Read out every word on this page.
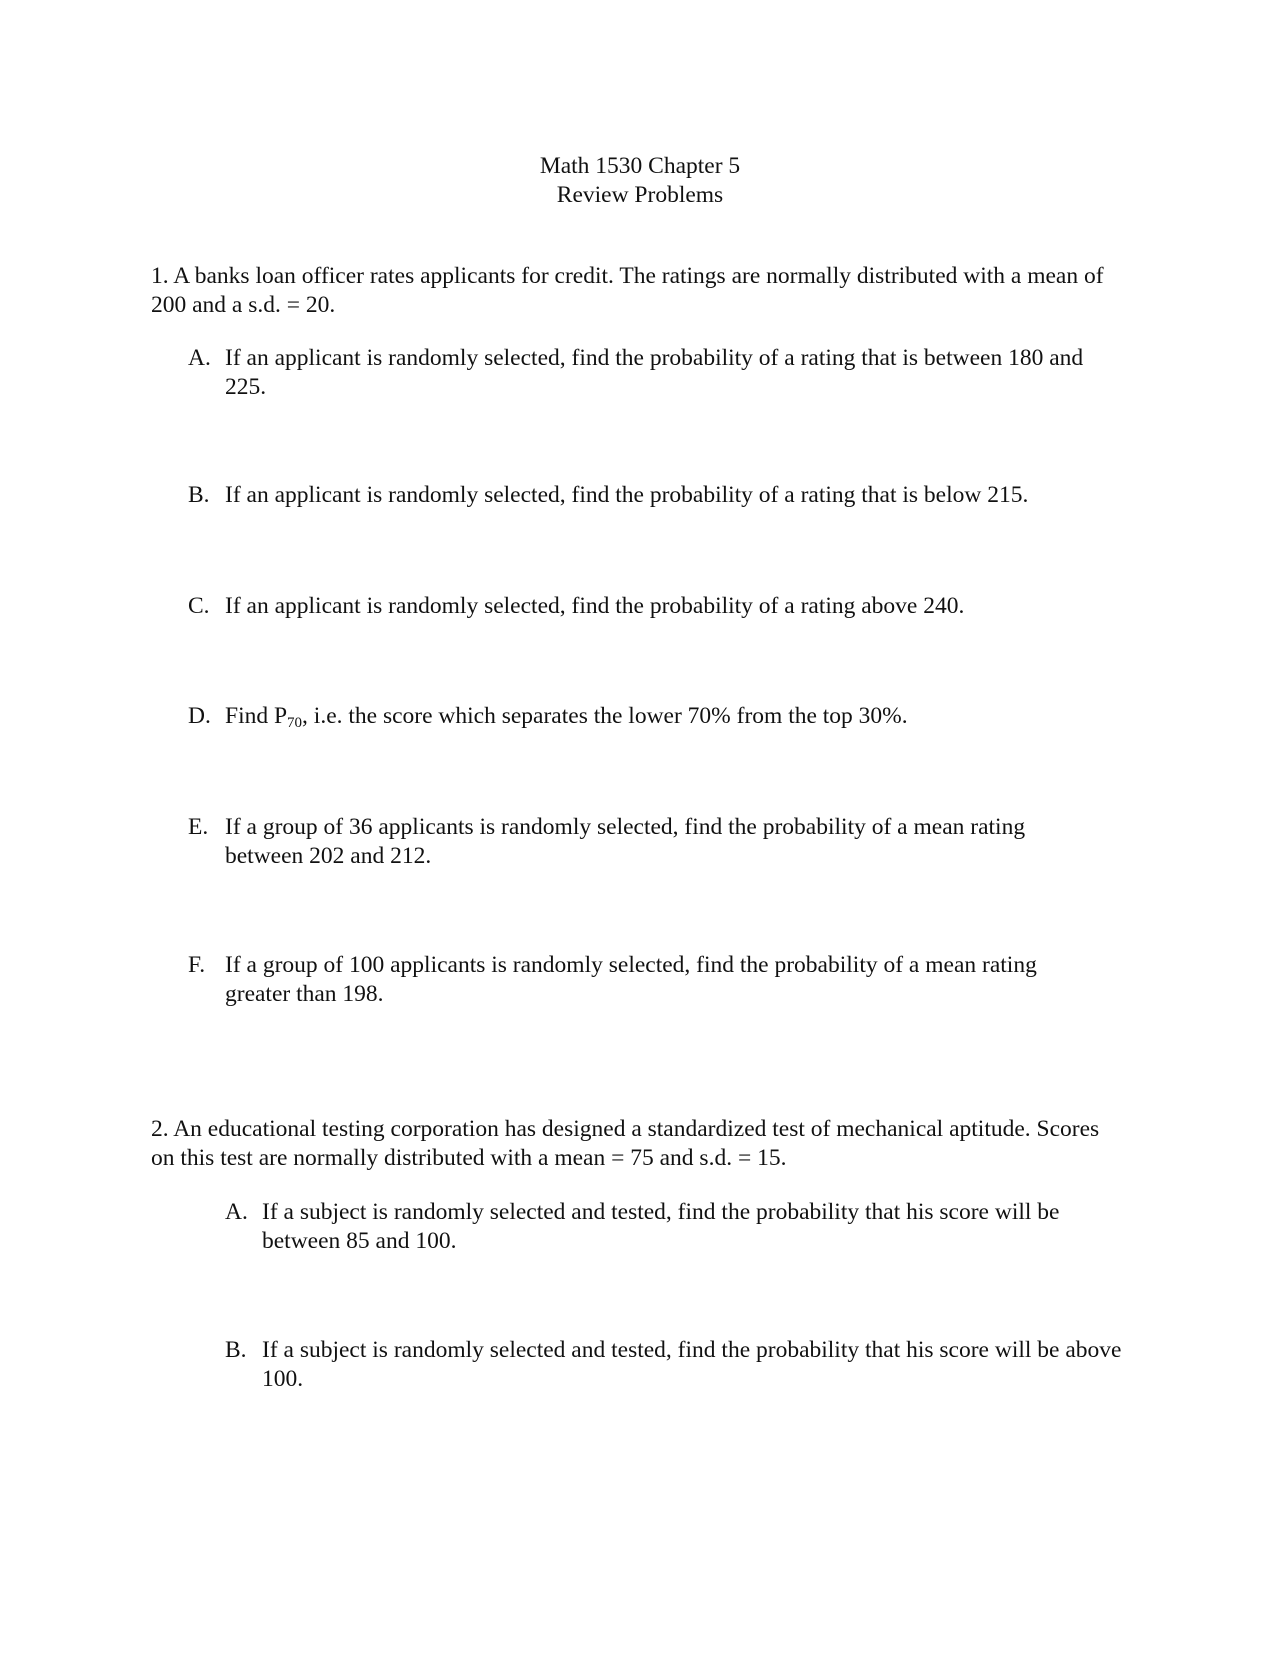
Math 1530 Chapter 5
Review Problems
1. A banks loan officer rates applicants for credit. The ratings are normally distributed with a mean of 200 and a s.d. = 20.
A. If an applicant is randomly selected, find the probability of a rating that is between 180 and 225.
B. If an applicant is randomly selected, find the probability of a rating that is below 215.
C. If an applicant is randomly selected, find the probability of a rating above 240.
D. Find $P_{70}$, i.e. the score which separates the lower 70% from the top 30%.
E. If a group of 36 applicants is randomly selected, find the probability of a mean rating between 202 and 212.
F. If a group of 100 applicants is randomly selected, find the probability of a mean rating greater than 198.
2. An educational testing corporation has designed a standardized test of mechanical aptitude. Scores on this test are normally distributed with a mean = 75 and s.d. = 15.
A. If a subject is randomly selected and tested, find the probability that his score will be between 85 and 100.
B. If a subject is randomly selected and tested, find the probability that his score will be above 100.
